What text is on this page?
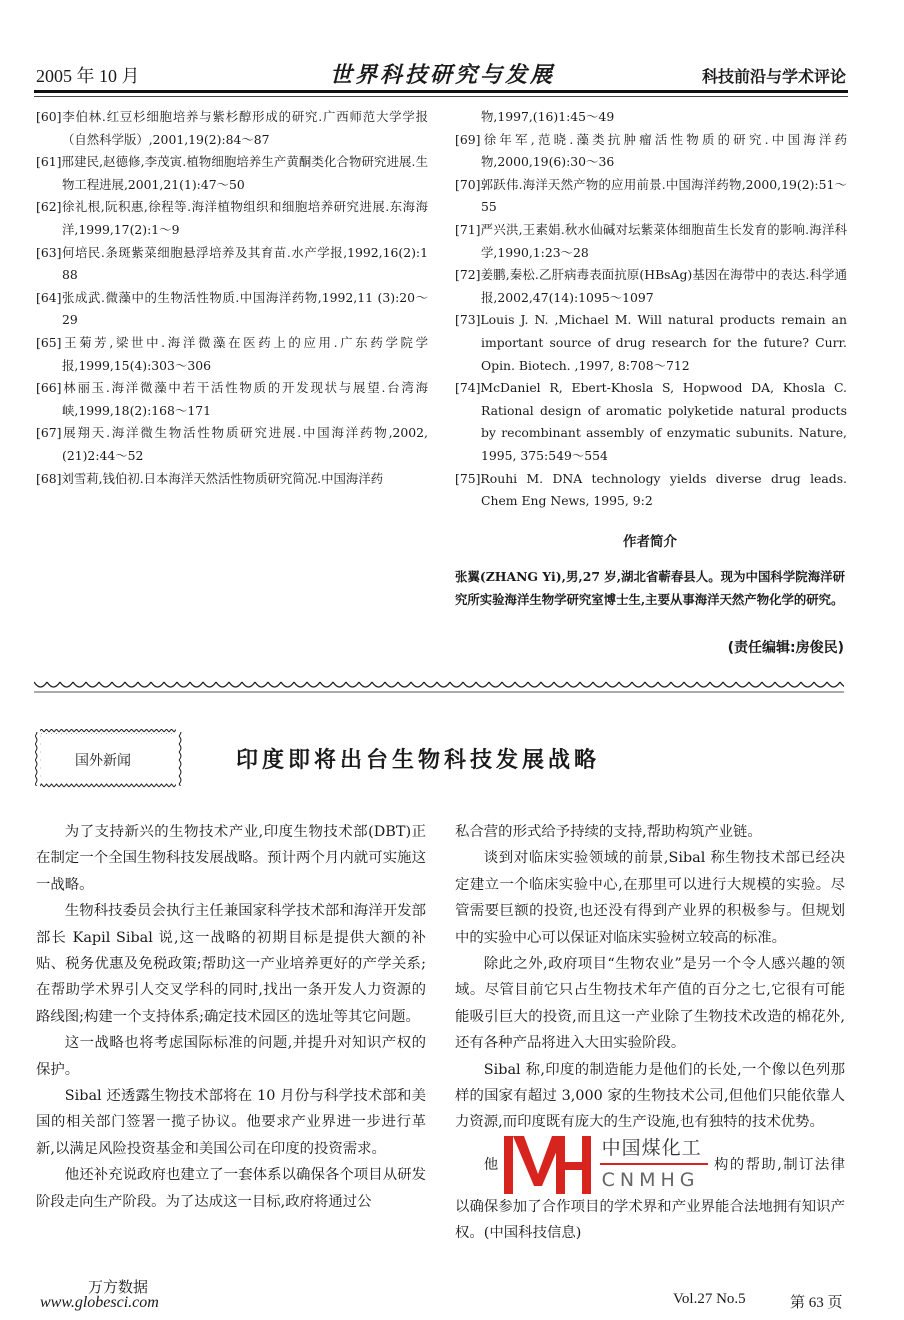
2005 年 10 月	世界科技研究与发展	科技前沿与学术评论
[60]李伯林.红豆杉细胞培养与紫杉醇形成的研究.广西师范大学学报（自然科学版）,2001,19(2):84～87
[61]邢建民,赵德修,李茂寅.植物细胞培养生产黄酮类化合物研究进展.生物工程进展,2001,21(1):47～50
[62]徐礼根,阮积惠,徐程等.海洋植物组织和细胞培养研究进展.东海海洋,1999,17(2):1～9
[63]何培民.条斑紫菜细胞悬浮培养及其育苗.水产学报,1992,16(2):1 88
[64]张成武.微藻中的生物活性物质.中国海洋药物,1992,11 (3):20～29
[65]王菊芳,梁世中.海洋微藻在医药上的应用.广东药学院学报,1999,15(4):303～306
[66]林丽玉.海洋微藻中若干活性物质的开发现状与展望.台湾海峡,1999,18(2):168～171
[67]展翔天.海洋微生物活性物质研究进展.中国海洋药物,2002,(21)2:44～52
[68]刘雪莉,钱伯初.日本海洋天然活性物质研究简况.中国海洋药
物,1997,(16)1:45～49
[69]徐年军,范晓.藻类抗肿瘤活性物质的研究.中国海洋药物,2000,19(6):30～36
[70]郭跃伟.海洋天然产物的应用前景.中国海洋药物,2000,19(2):51～55
[71]严兴洪,王素娟.秋水仙碱对坛紫菜体细胞苗生长发育的影响.海洋科学,1990,1:23～28
[72]姜鹏,秦松.乙肝病毒表面抗原(HBsAg)基因在海带中的表达.科学通报,2002,47(14):1095～1097
[73]Louis J. N. ,Michael M. Will natural products remain an important source of drug research for the future? Curr. Opin. Biotech. ,1997, 8:708～712
[74]McDaniel R, Ebert-Khosla S, Hopwood DA, Khosla C. Rational design of aromatic polyketide natural products by recombinant assembly of enzymatic subunits. Nature, 1995, 375:549～554
[75]Rouhi M. DNA technology yields diverse drug leads. Chem Eng News, 1995, 9:2
作者简介
张翼(ZHANG Yi),男,27 岁,湖北省蕲春县人。现为中国科学院海洋研究所实验海洋生物学研究室博士生,主要从事海洋天然产物化学的研究。
(责任编辑:房俊民)
国外新闻	印度即将出台生物科技发展战略

为了支持新兴的生物技术产业,印度生物技术部(DBT)正在制定一个全国生物科技发展战略。预计两个月内就可实施这一战略。

生物科技委员会执行主任兼国家科学技术部和海洋开发部部长 Kapil Sibal 说,这一战略的初期目标是提供大额的补贴、税务优惠及免税政策;帮助这一产业培养更好的产学关系;在帮助学术界引人交叉学科的同时,找出一条开发人力资源的路线图;构建一个支持体系;确定技术园区的选址等其它问题。

这一战略也将考虑国际标准的问题,并提升对知识产权的保护。

Sibal 还透露生物技术部将在 10 月份与科学技术部和美国的相关部门签署一揽子协议。他要求产业界进一步进行革新,以满足风险投资基金和美国公司在印度的投资需求。

他还补充说政府也建立了一套体系以确保各个项目从研发阶段走向生产阶段。为了达成这一目标,政府将通过公

私合营的形式给予持续的支持,帮助构筑产业链。

谈到对临床实验领域的前景,Sibal 称生物技术部已经决定建立一个临床实验中心,在那里可以进行大规模的实验。尽管需要巨额的投资,也还没有得到产业界的积极参与。但规划中的实验中心可以保证对临床实验树立较高的标准。

除此之外,政府项目“生物农业”是另一个令人感兴趣的领域。尽管目前它只占生物技术年产值的百分之七,它很有可能能吸引巨大的投资,而且这一产业除了生物技术改造的棉花外,还有各种产品将进入大田实验阶段。

Sibal 称,印度的制造能力是他们的长处,一个像以色列那样的国家有超过 3,000 家的生物技术公司,但他们只能依靠人力资源,而印度既有庞大的生产设施,也有独特的技术优势。

他
中国煤化工
CNMHG
构的帮助,制订法律以确保参加了合作项目的学术界和产业界能合法地拥有知识产权。(中国科技信息)

万方数据
www.globesci.com	Vol.27 No.5	第 63 页
